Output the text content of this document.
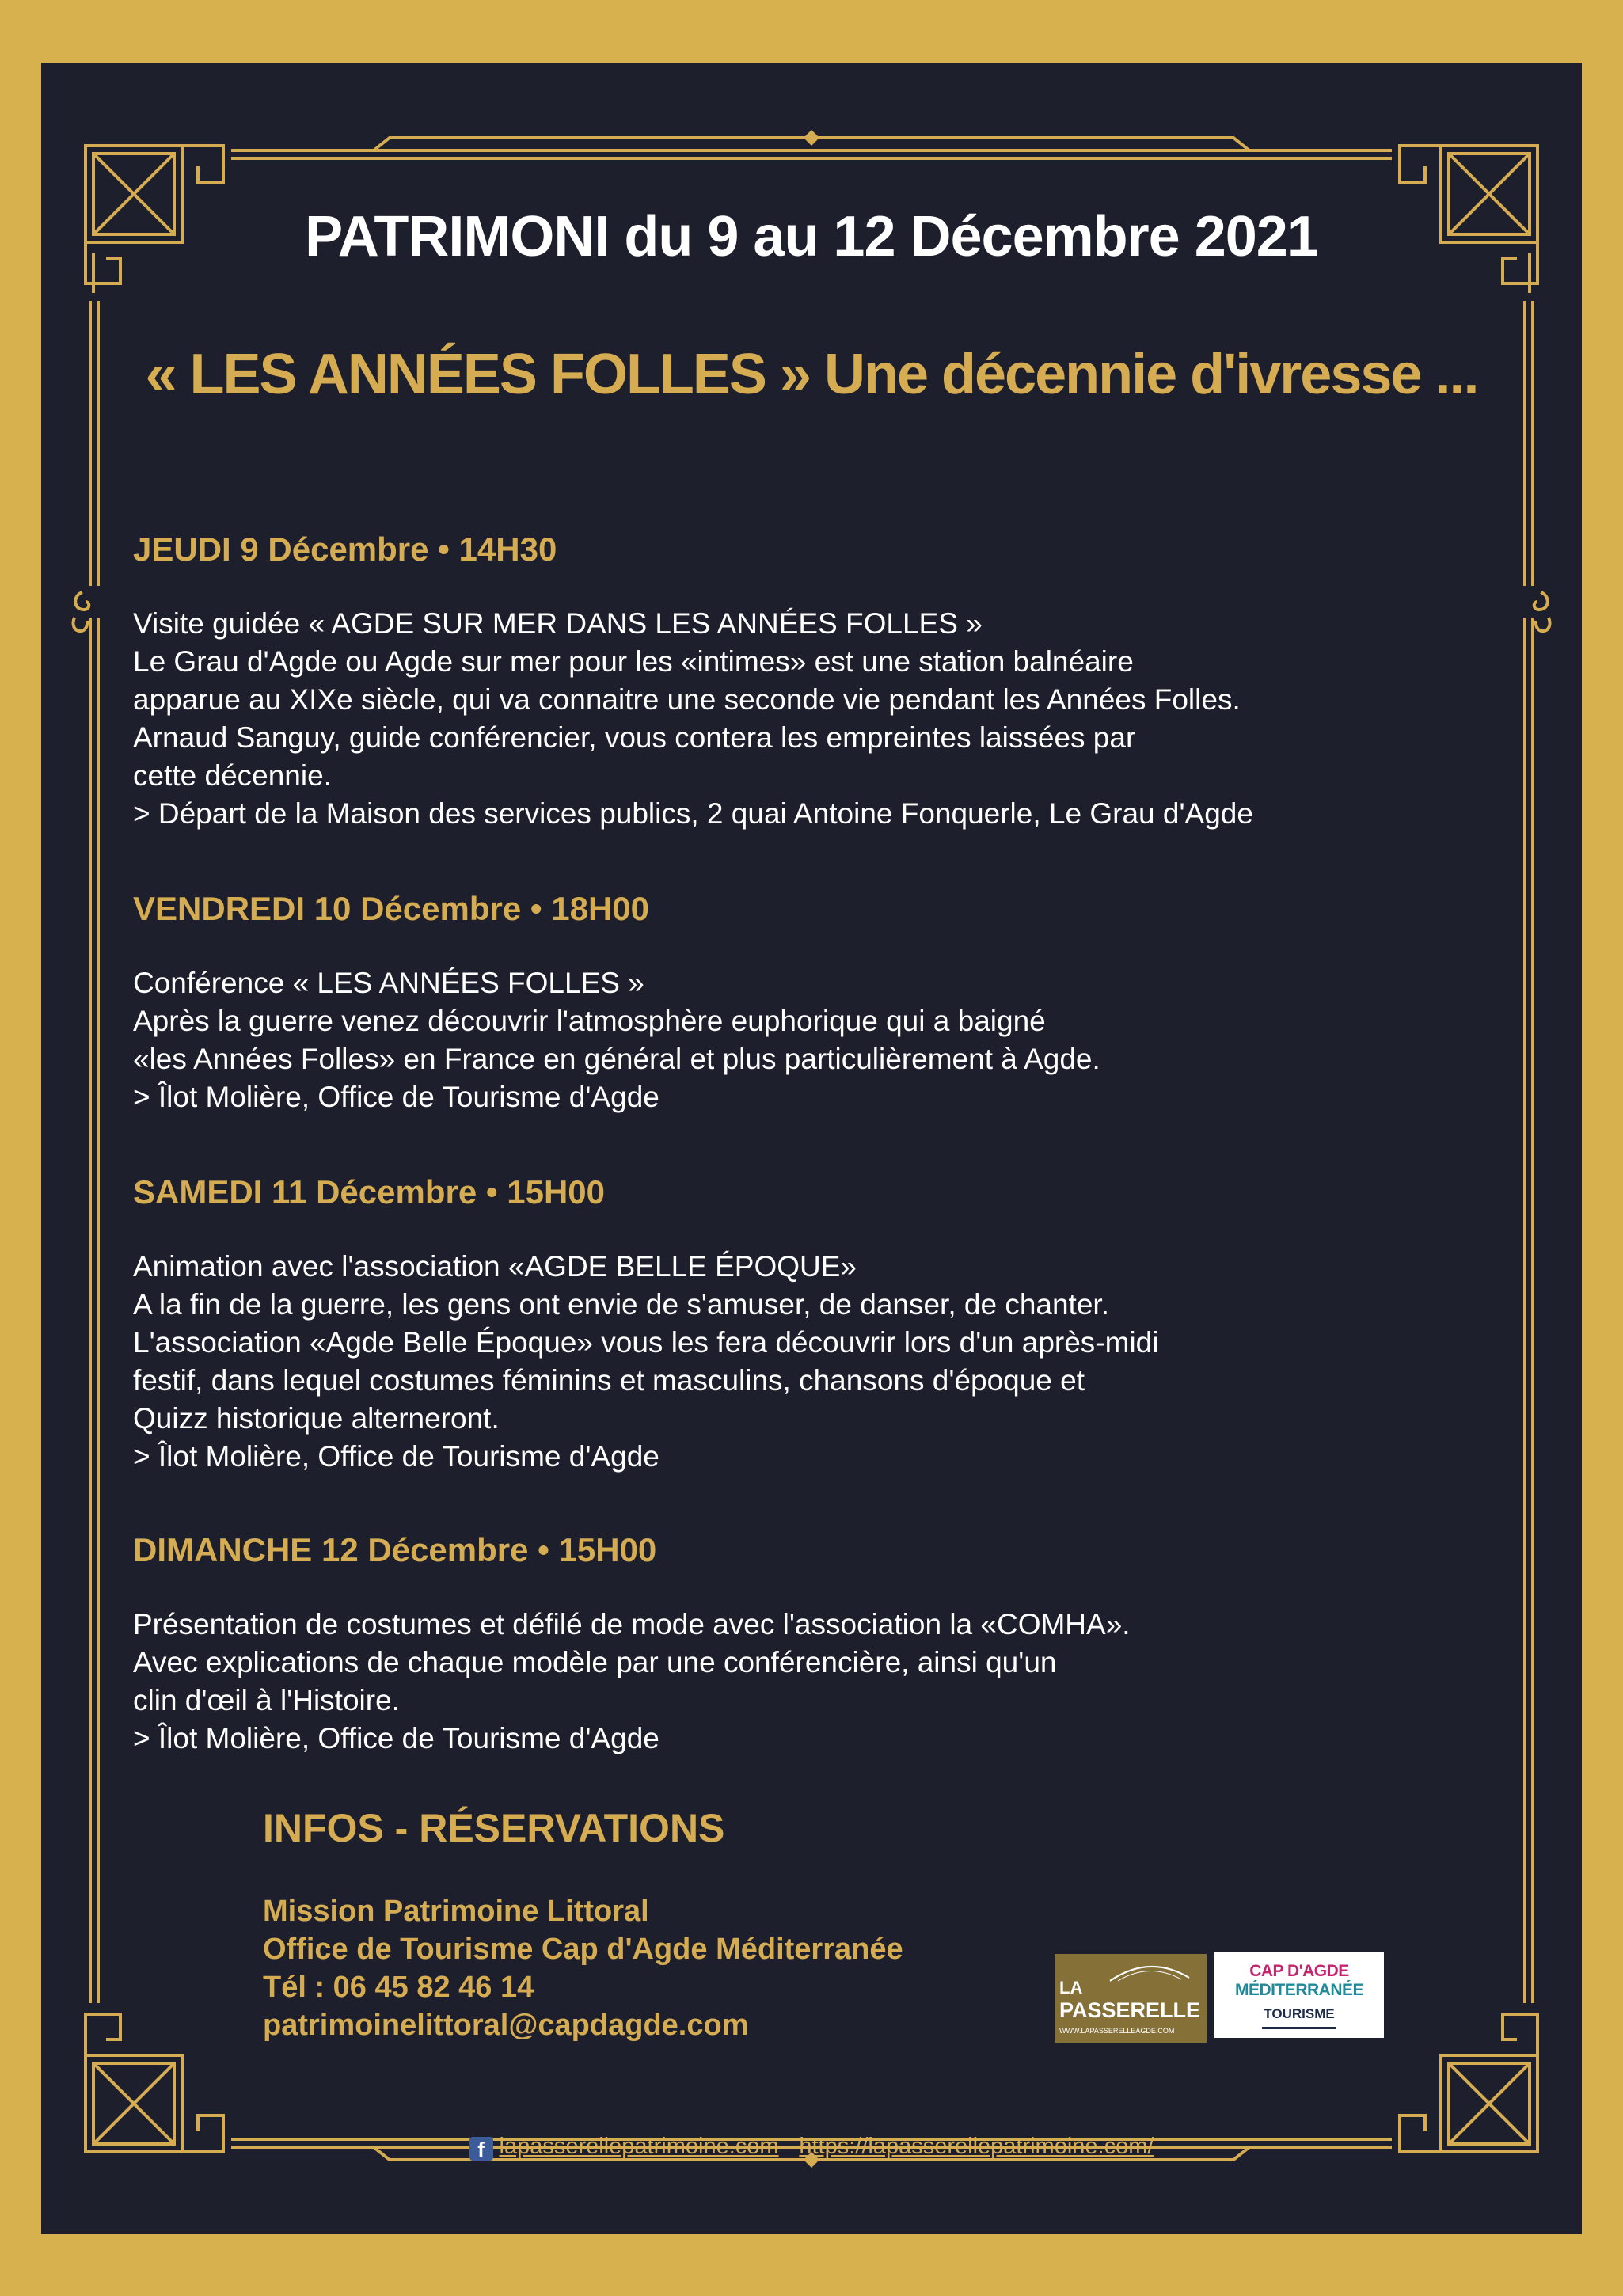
PATRIMONI du 9 au 12 Décembre 2021
« LES ANNÉES FOLLES » Une décennie d'ivresse ...
JEUDI 9 Décembre • 14H30
Visite guidée « AGDE SUR MER DANS LES ANNÉES FOLLES »
Le Grau d'Agde ou Agde sur mer pour les «intimes» est une station balnéaire
apparue au XIXe siècle, qui va connaitre une seconde vie pendant les Années Folles.
Arnaud Sanguy, guide conférencier, vous contera les empreintes laissées par
cette décennie.
> Départ de la Maison des services publics, 2 quai Antoine Fonquerle, Le Grau d'Agde
VENDREDI 10 Décembre • 18H00
Conférence « LES ANNÉES FOLLES »
Après la guerre venez découvrir l'atmosphère euphorique qui a baigné
«les Années Folles» en France en général et plus particulièrement à Agde.
> Îlot Molière, Office de Tourisme d'Agde
SAMEDI 11 Décembre • 15H00
Animation avec l'association «AGDE BELLE ÉPOQUE»
A la fin de la guerre, les gens ont envie de s'amuser, de danser, de chanter.
L'association «Agde Belle Époque» vous les fera découvrir lors d'un après-midi
festif, dans lequel costumes féminins et masculins, chansons d'époque et
Quizz historique alterneront.
> Îlot Molière, Office de Tourisme d'Agde
DIMANCHE 12 Décembre • 15H00
Présentation de costumes et défilé de mode avec l'association la «COMHA».
Avec explications de chaque modèle par une conférencière, ainsi qu'un
clin d'œil à l'Histoire.
> Îlot Molière, Office de Tourisme d'Agde
INFOS - RÉSERVATIONS
Mission Patrimoine Littoral
Office de Tourisme Cap d'Agde Méditerranée
Tél : 06 45 82 46 14
patrimoinelittoral@capdagde.com
LA
PASSERELLE
WWW.LAPASSERELLEAGDE.COM
CAP D'AGDE
MÉDITERRANÉE
TOURISME
f lapasserellepatrimoine.com - https://lapasserellepatrimoine.com/
